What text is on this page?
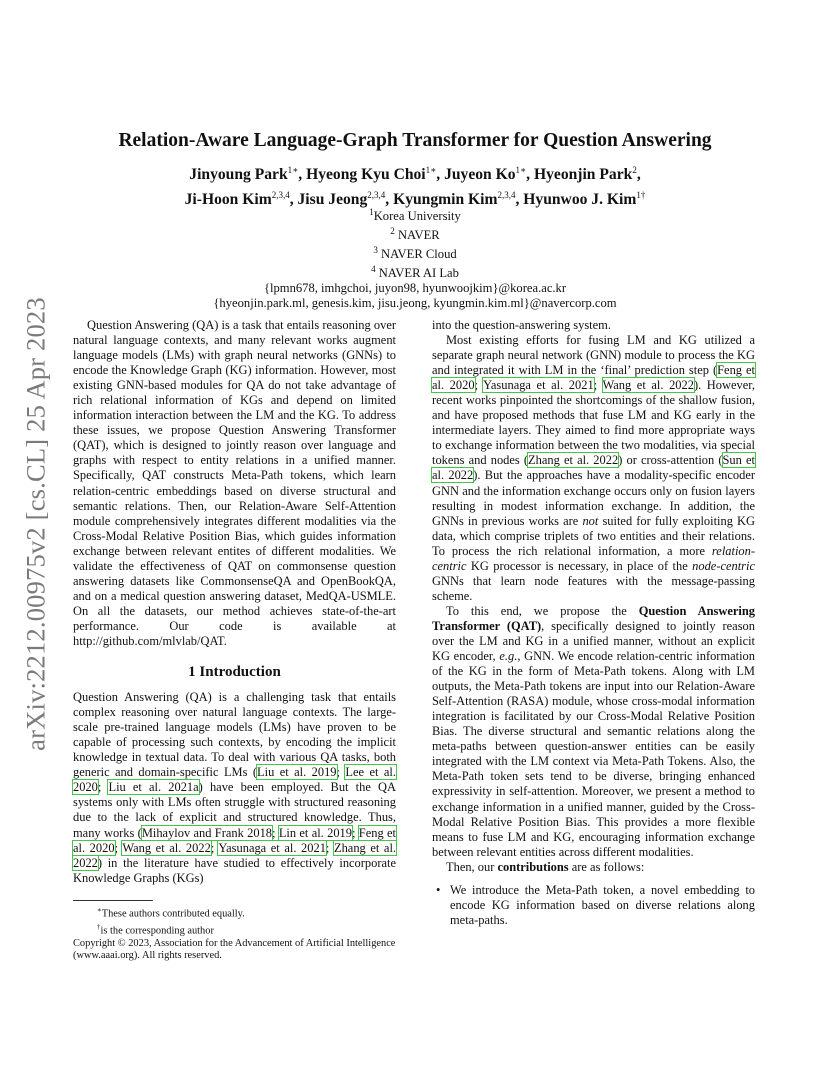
arXiv:2212.00975v2 [cs.CL] 25 Apr 2023
Relation-Aware Language-Graph Transformer for Question Answering
Jinyoung Park$^{1∗}$, Hyeong Kyu Choi$^{1∗}$, Juyeon $Ko^{1∗}$, Hyeonjin Park$^2$,
Ji-Hoon Kim$^{2,3,4}$, Jisu Jeong$^{2,3,4}$, Kyungmin Kim$^{2,3,4}$, Hyunwoo J. Kim$^{1\dagger}$
$^1$Korea University
$^2$ NAVER
$^3$ NAVER Cloud
$^4$ NAVER AI Lab
{lpmn678, imhgchoi, juyon98, hyunwoojkim}@korea.ac.kr
{hyeonjin.park.ml, genesis.kim, jisu.jeong, kyungmin.kim.ml}@navercorp.com

Question Answering (QA) is a task that entails reasoning over natural language contexts, and many relevant works augment language models (LMs) with graph neural networks (GNNs) to encode the Knowledge Graph (KG) information. However, most existing GNN-based modules for QA do not take advantage of rich relational information of KGs and depend on limited information interaction between the LM and the KG. To address these issues, we propose Question Answering Transformer (QAT), which is designed to jointly reason over language and graphs with respect to entity relations in a unified manner. Specifically, QAT constructs Meta-Path tokens, which learn relation-centric embeddings based on diverse structural and semantic relations. Then, our Relation-Aware Self-Attention module comprehensively integrates different modalities via the Cross-Modal Relative Position Bias, which guides information exchange between relevant entites of different modalities. We validate the effectiveness of QAT on commonsense question answering datasets like CommonsenseQA and OpenBookQA, and on a medical question answering dataset, MedQA-USMLE. On all the datasets, our method achieves state-of-the-art performance. Our code is available at http://github.com/mlvlab/QAT.

1 Introduction

Question Answering (QA) is a challenging task that entails complex reasoning over natural language contexts. The large-scale pre-trained language models (LMs) have proven to be capable of processing such contexts, by encoding the implicit knowledge in textual data. To deal with various QA tasks, both generic and domain-specific LMs (Liu et al. 2019; Lee et al. 2020; Liu et al. 2021a) have been employed. But the QA systems only with LMs often struggle with structured reasoning due to the lack of explicit and structured knowledge. Thus, many works (Mihaylov and Frank 2018; Lin et al. 2019; Feng et al. 2020; Wang et al. 2022; Yasunaga et al. 2021; Zhang et al. 2022) in the literature have studied to effectively incorporate Knowledge Graphs (KGs)

∗These authors contributed equally.

†is the corresponding author

Copyright © 2023, Association for the Advancement of Artificial Intelligence (www.aaai.org). All rights reserved.

into the question-answering system.

Most existing efforts for fusing LM and KG utilized a separate graph neural network (GNN) module to process the KG and integrated it with LM in the ‘final’ prediction step (Feng et al. 2020; Yasunaga et al. 2021; Wang et al. 2022). However, recent works pinpointed the shortcomings of the shallow fusion, and have proposed methods that fuse LM and KG early in the intermediate layers. They aimed to find more appropriate ways to exchange information between the two modalities, via special tokens and nodes (Zhang et al. 2022) or cross-attention (Sun et al. 2022). But the approaches have a modality-specific encoder GNN and the information exchange occurs only on fusion layers resulting in modest information exchange. In addition, the GNNs in previous works are not suited for fully exploiting KG data, which comprise triplets of two entities and their relations. To process the rich relational information, a more relation-centric KG processor is necessary, in place of the node-centric GNNs that learn node features with the message-passing scheme.

To this end, we propose the Question Answering Transformer (QAT), specifically designed to jointly reason over the LM and KG in a unified manner, without an explicit KG encoder, e.g., GNN. We encode relation-centric information of the KG in the form of Meta-Path tokens. Along with LM outputs, the Meta-Path tokens are input into our Relation-Aware Self-Attention (RASA) module, whose cross-modal information integration is facilitated by our Cross-Modal Relative Position Bias. The diverse structural and semantic relations along the meta-paths between question-answer entities can be easily integrated with the LM context via Meta-Path Tokens. Also, the Meta-Path token sets tend to be diverse, bringing enhanced expressivity in self-attention. Moreover, we present a method to exchange information in a unified manner, guided by the Cross-Modal Relative Position Bias. This provides a more flexible means to fuse LM and KG, encouraging information exchange between relevant entities across different modalities.

Then, our contributions are as follows:

• We introduce the Meta-Path token, a novel embedding to encode KG information based on diverse relations along meta-paths.
